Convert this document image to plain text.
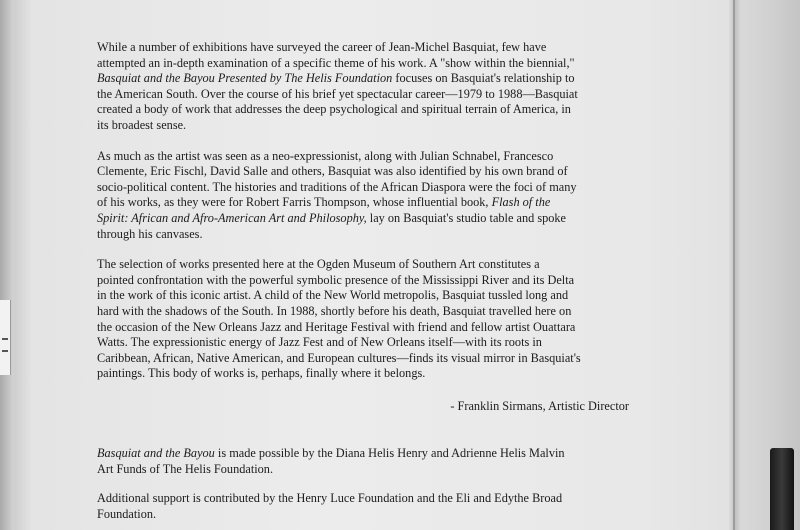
While a number of exhibitions have surveyed the career of Jean-Michel Basquiat, few have
attempted an in-depth examination of a specific theme of his work. A "show within the biennial,"
Basquiat and the Bayou Presented by The Helis Foundation focuses on Basquiat's relationship to
the American South. Over the course of his brief yet spectacular career—1979 to 1988—Basquiat
created a body of work that addresses the deep psychological and spiritual terrain of America, in
its broadest sense.

As much as the artist was seen as a neo-expressionist, along with Julian Schnabel, Francesco
Clemente, Eric Fischl, David Salle and others, Basquiat was also identified by his own brand of
socio-political content. The histories and traditions of the African Diaspora were the foci of many
of his works, as they were for Robert Farris Thompson, whose influential book, Flash of the
Spirit: African and Afro-American Art and Philosophy, lay on Basquiat's studio table and spoke
through his canvases.

The selection of works presented here at the Ogden Museum of Southern Art constitutes a
pointed confrontation with the powerful symbolic presence of the Mississippi River and its Delta
in the work of this iconic artist. A child of the New World metropolis, Basquiat tussled long and
hard with the shadows of the South. In 1988, shortly before his death, Basquiat travelled here on
the occasion of the New Orleans Jazz and Heritage Festival with friend and fellow artist Ouattara
Watts. The expressionistic energy of Jazz Fest and of New Orleans itself—with its roots in
Caribbean, African, Native American, and European cultures—finds its visual mirror in Basquiat's
paintings. This body of works is, perhaps, finally where it belongs.

- Franklin Sirmans, Artistic Director

Basquiat and the Bayou is made possible by the Diana Helis Henry and Adrienne Helis Malvin
Art Funds of The Helis Foundation.

Additional support is contributed by the Henry Luce Foundation and the Eli and Edythe Broad
Foundation.
